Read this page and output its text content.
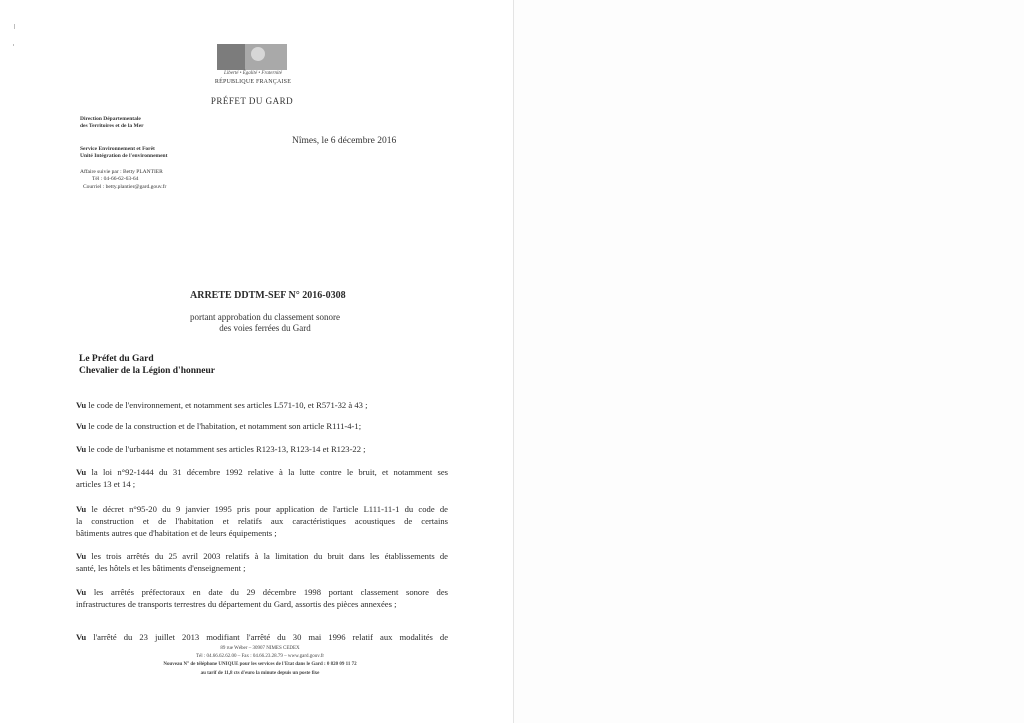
Liberté • Égalité • Fraternité
RÉPUBLIQUE FRANÇAISE
PRÉFET DU GARD
Direction Départementale
des Territoires et de la Mer
Service Environnement et Forêt
Unité Intégration de l'environnement
Affaire suivie par : Betty PLANTIER
Tél : 04-66-62-63-64
Courriel : betty.plantier@gard.gouv.fr
Nîmes, le 6 décembre 2016
ARRETE DDTM-SEF N° 2016-0308
portant approbation du classement sonore
des voies ferrées du Gard
Le Préfet du Gard
Chevalier de la Légion d'honneur
Vu le code de l'environnement, et notamment ses articles L571-10, et R571-32 à 43 ;
Vu le code de la construction et de l'habitation, et notamment son article R111-4-1;
Vu le code de l'urbanisme et notamment ses articles R123-13, R123-14 et R123-22 ;
Vu la loi n°92-1444 du 31 décembre 1992 relative à la lutte contre le bruit, et notamment ses
articles 13 et 14 ;
Vu le décret n°95-20 du 9 janvier 1995 pris pour application de l'article L111-11-1 du code de
la construction et de l'habitation et relatifs aux caractéristiques acoustiques de certains
bâtiments autres que d'habitation et de leurs équipements ;
Vu les trois arrêtés du 25 avril 2003 relatifs à la limitation du bruit dans les établissements de
santé, les hôtels et les bâtiments d'enseignement ;
Vu les arrêtés préfectoraux en date du 29 décembre 1998 portant classement sonore des
infrastructures de transports terrestres du département du Gard, assortis des pièces annexées ;
Vu l'arrêté du 23 juillet 2013 modifiant l'arrêté du 30 mai 1996 relatif aux modalités de
89 rue Wéber – 30907 NIMES CEDEX
Tél : 04.66.62.62.00 – Fax : 04.66.23.28.79 – www.gard.gouv.fr
Nouveau N° de téléphone UNIQUE pour les services de l'Etat dans le Gard : 0 820 09 11 72
au tarif de 11,8 cts d'euro la minute depuis un poste fixe
